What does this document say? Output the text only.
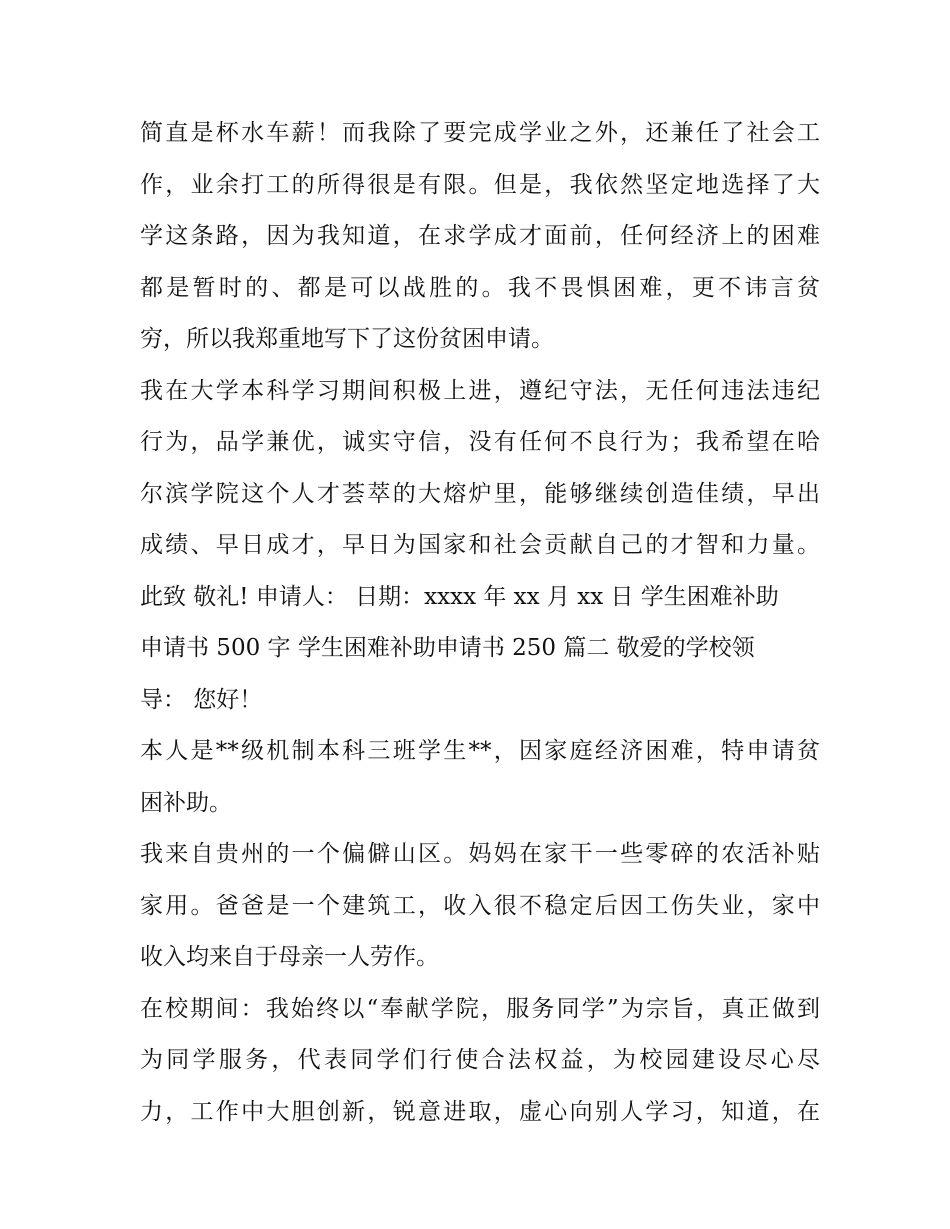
简直是杯水车薪！而我除了要完成学业之外，还兼任了社会工
作，业余打工的所得很是有限。但是，我依然坚定地选择了大
学这条路，因为我知道，在求学成才面前，任何经济上的困难
都是暂时的、都是可以战胜的。我不畏惧困难，更不讳言贫
穷，所以我郑重地写下了这份贫困申请。
我在大学本科学习期间积极上进，遵纪守法，无任何违法违纪
行为，品学兼优，诚实守信，没有任何不良行为；我希望在哈
尔滨学院这个人才荟萃的大熔炉里，能够继续创造佳绩，早出
成绩、早日成才，早日为国家和社会贡献自己的才智和力量。
此致 敬礼! 申请人： 日期：xxxx 年 xx 月 xx 日 学生困难补助
申请书 500 字 学生困难补助申请书 250 篇二 敬爱的学校领
导： 您好！
本人是**级机制本科三班学生**，因家庭经济困难，特申请贫
困补助。
我来自贵州的一个偏僻山区。妈妈在家干一些零碎的农活补贴
家用。爸爸是一个建筑工，收入很不稳定后因工伤失业，家中
收入均来自于母亲一人劳作。
在校期间：我始终以“奉献学院，服务同学”为宗旨，真正做到
为同学服务，代表同学们行使合法权益，为校园建设尽心尽
力，工作中大胆创新，锐意进取，虚心向别人学习，知道，在
